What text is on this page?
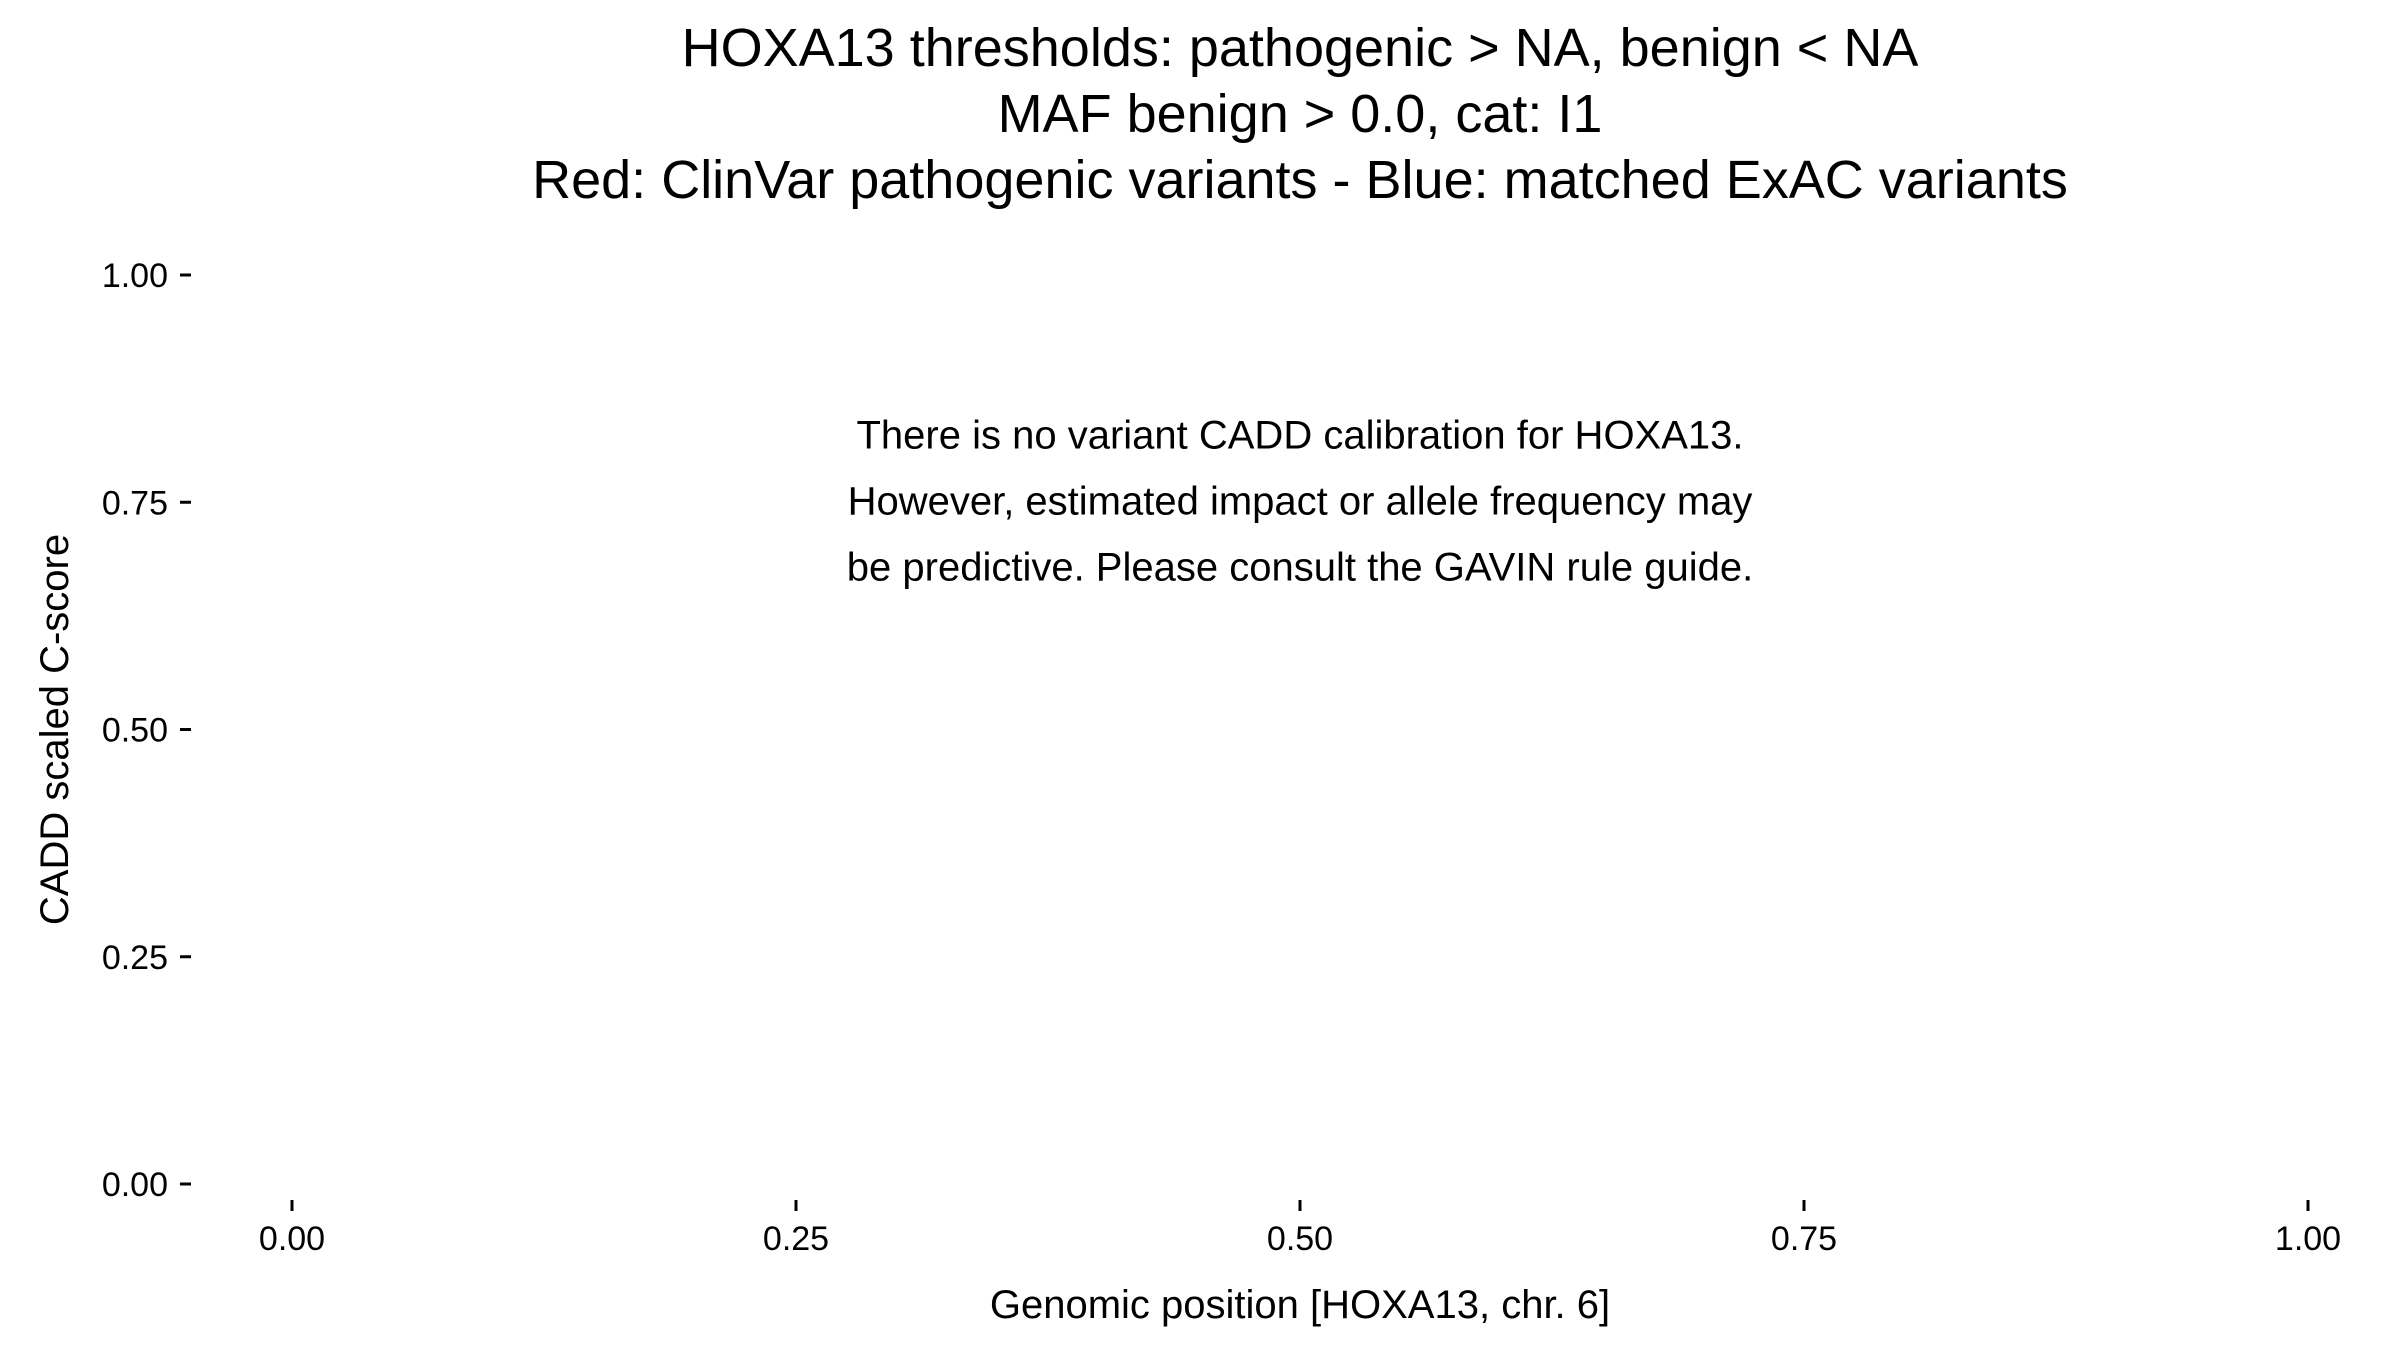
HOXA13 thresholds: pathogenic > NA, benign < NA
MAF benign > 0.0, cat: I1
Red: ClinVar pathogenic variants - Blue: matched ExAC variants
0.00
0.25
0.50
0.75
1.00
0.00	0.25	0.50	0.75	1.00
There is no variant CADD calibration for HOXA13.
However, estimated impact or allele frequency may
be predictive. Please consult the GAVIN rule guide.
CADD scaled C-score
Genomic position [HOXA13, chr. 6]
